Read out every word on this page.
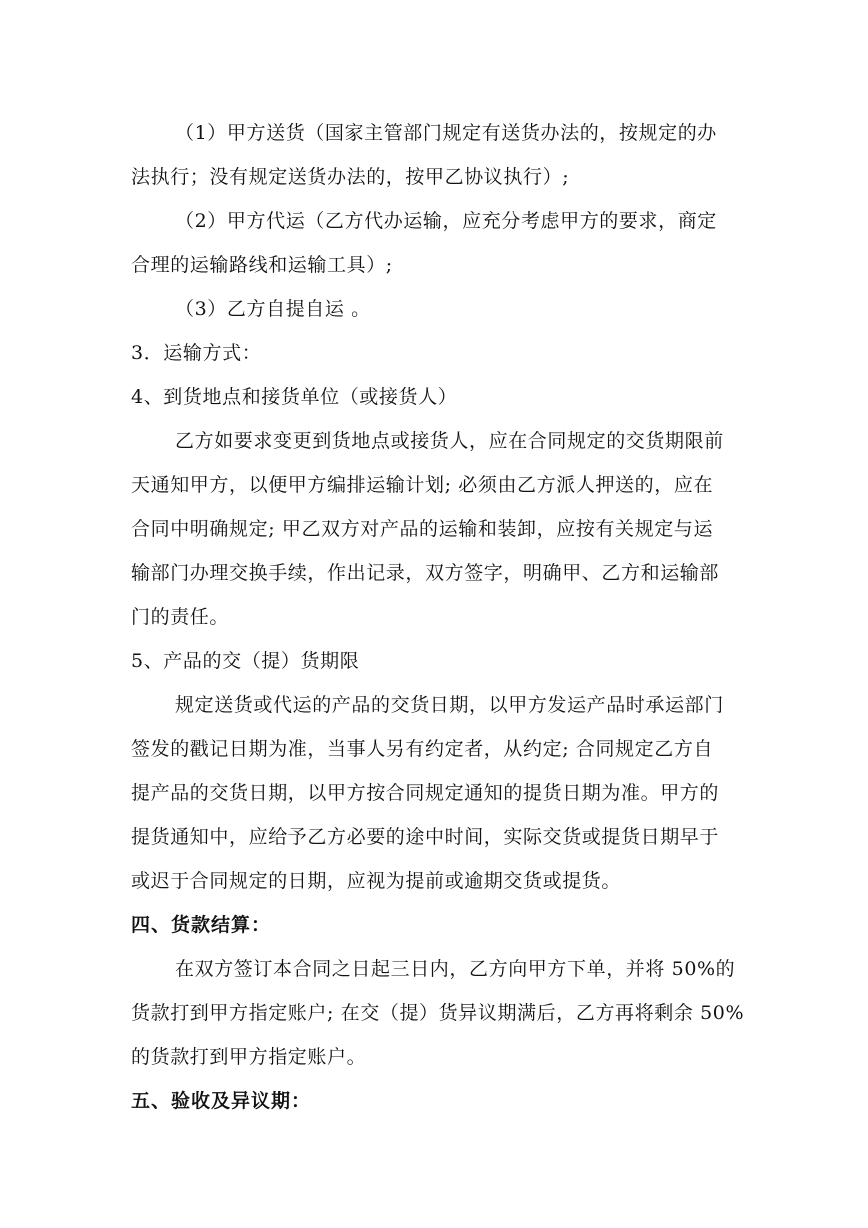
（1）甲方送货（国家主管部门规定有送货办法的，按规定的办
法执行；没有规定送货办法的，按甲乙协议执行）;
（2）甲方代运（乙方代办运输，应充分考虑甲方的要求，商定
合理的运输路线和运输工具）;
（3）乙方自提自运 。
3．运输方式：
4、到货地点和接货单位（或接货人）
乙方如要求变更到货地点或接货人，应在合同规定的交货期限前
天通知甲方，以便甲方编排运输计划; 必须由乙方派人押送的，应在
合同中明确规定; 甲乙双方对产品的运输和装卸，应按有关规定与运
输部门办理交换手续，作出记录，双方签字，明确甲、乙方和运输部
门的责任。
5、产品的交（提）货期限
规定送货或代运的产品的交货日期，以甲方发运产品时承运部门
签发的戳记日期为准，当事人另有约定者，从约定; 合同规定乙方自
提产品的交货日期，以甲方按合同规定通知的提货日期为准。甲方的
提货通知中，应给予乙方必要的途中时间，实际交货或提货日期早于
或迟于合同规定的日期，应视为提前或逾期交货或提货。
四、货款结算：
在双方签订本合同之日起三日内，乙方向甲方下单，并将 50%的
货款打到甲方指定账户; 在交（提）货异议期满后，乙方再将剩余 50%
的货款打到甲方指定账户。
五、验收及异议期：
